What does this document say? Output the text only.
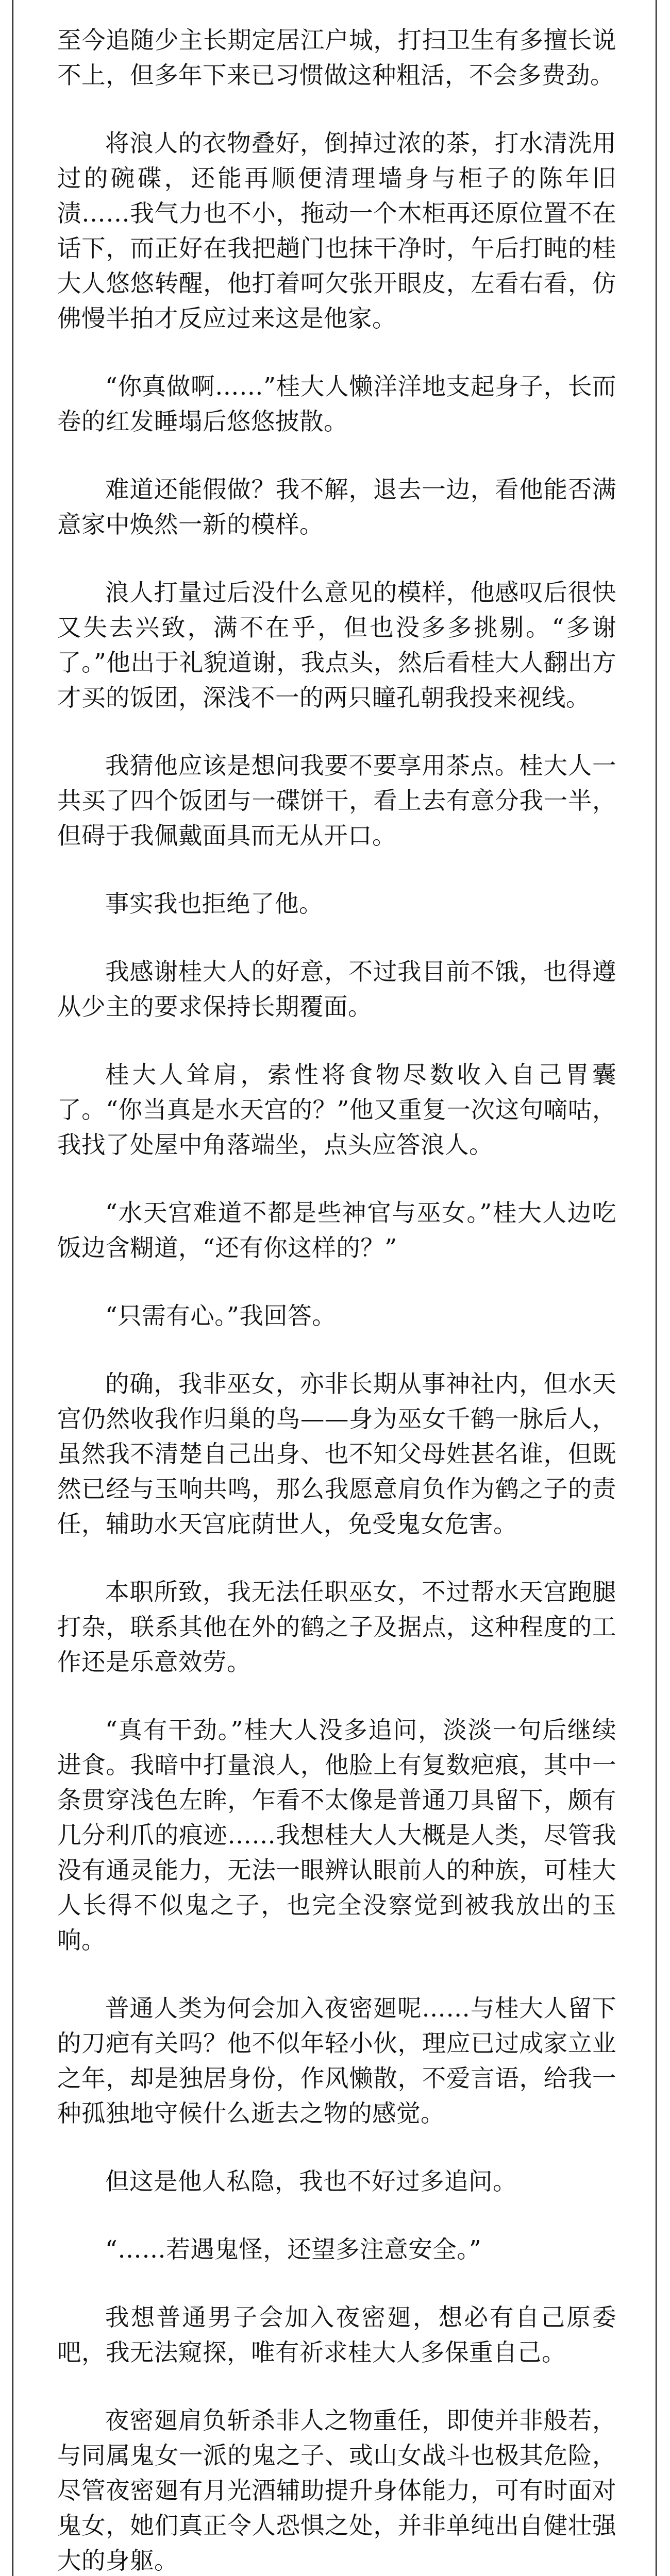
至今追随少主长期定居江户城，打扫卫生有多擅长说不上，但多年下来已习惯做这种粗活，不会多费劲。

将浪人的衣物叠好，倒掉过浓的茶，打水清洗用过的碗碟，还能再顺便清理墙身与柜子的陈年旧渍……我气力也不小，拖动一个木柜再还原位置不在话下，而正好在我把趟门也抹干净时，午后打盹的桂大人悠悠转醒，他打着呵欠张开眼皮，左看右看，仿佛慢半拍才反应过来这是他家。

“你真做啊……”桂大人懒洋洋地支起身子，长而卷的红发睡塌后悠悠披散。

难道还能假做？我不解，退去一边，看他能否满意家中焕然一新的模样。

浪人打量过后没什么意见的模样，他感叹后很快又失去兴致，满不在乎，但也没多多挑剔。“多谢了。”他出于礼貌道谢，我点头，然后看桂大人翻出方才买的饭团，深浅不一的两只瞳孔朝我投来视线。

我猜他应该是想问我要不要享用茶点。桂大人一共买了四个饭团与一碟饼干，看上去有意分我一半，但碍于我佩戴面具而无从开口。

事实我也拒绝了他。

我感谢桂大人的好意，不过我目前不饿，也得遵从少主的要求保持长期覆面。

桂大人耸肩，索性将食物尽数收入自己胃囊了。“你当真是水天宫的？”他又重复一次这句嘀咕，我找了处屋中角落端坐，点头应答浪人。

“水天宫难道不都是些神官与巫女。”桂大人边吃饭边含糊道，“还有你这样的？”

“只需有心。”我回答。

的确，我非巫女，亦非长期从事神社内，但水天宫仍然收我作归巢的鸟——身为巫女千鹤一脉后人，虽然我不清楚自己出身、也不知父母姓甚名谁，但既然已经与玉响共鸣，那么我愿意肩负作为鹤之子的责任，辅助水天宫庇荫世人，免受鬼女危害。

本职所致，我无法任职巫女，不过帮水天宫跑腿打杂，联系其他在外的鹤之子及据点，这种程度的工作还是乐意效劳。

“真有干劲。”桂大人没多追问，淡淡一句后继续进食。我暗中打量浪人，他脸上有复数疤痕，其中一条贯穿浅色左眸，乍看不太像是普通刀具留下，颇有几分利爪的痕迹……我想桂大人大概是人类，尽管我没有通灵能力，无法一眼辨认眼前人的种族，可桂大人长得不似鬼之子，也完全没察觉到被我放出的玉响。

普通人类为何会加入夜密廻呢……与桂大人留下的刀疤有关吗？他不似年轻小伙，理应已过成家立业之年，却是独居身份，作风懒散，不爱言语，给我一种孤独地守候什么逝去之物的感觉。

但这是他人私隐，我也不好过多追问。

“……若遇鬼怪，还望多注意安全。”

我想普通男子会加入夜密廻，想必有自己原委吧，我无法窥探，唯有祈求桂大人多保重自己。

夜密廻肩负斩杀非人之物重任，即使并非般若，与同属鬼女一派的鬼之子、或山女战斗也极其危险，尽管夜密廻有月光酒辅助提升身体能力，可有时面对鬼女，她们真正令人恐惧之处，并非单纯出自健壮强大的身躯。
